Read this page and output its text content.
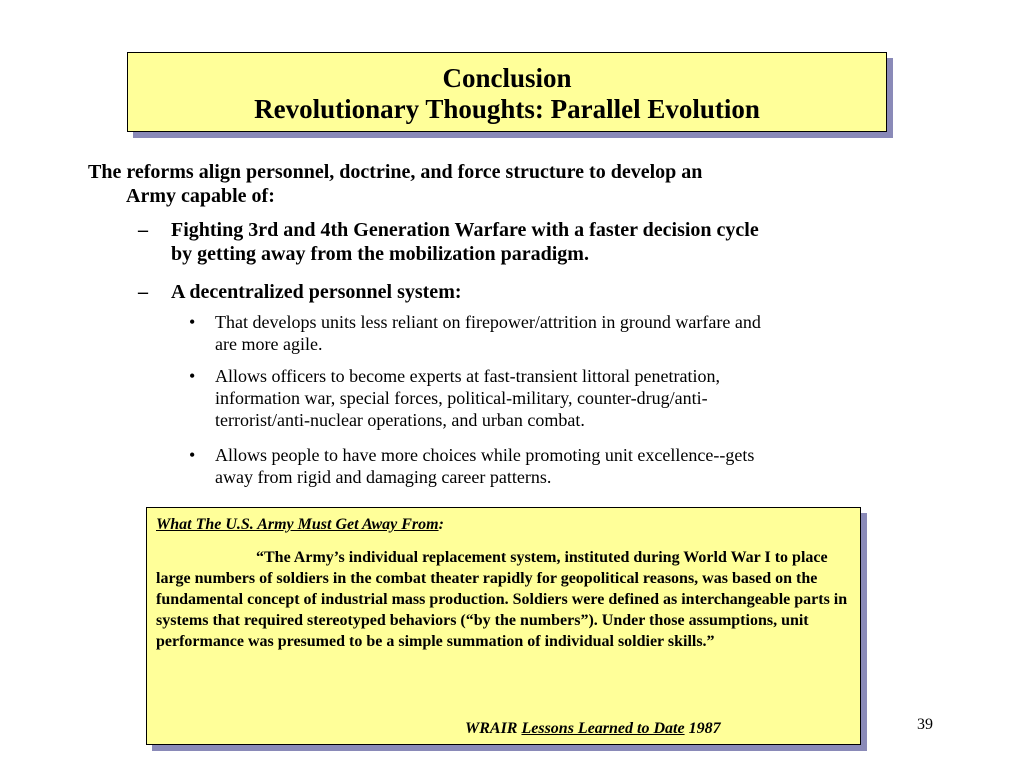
Conclusion
Revolutionary Thoughts: Parallel Evolution
The reforms align personnel, doctrine, and force structure to develop an
Army capable of:
–	Fighting 3rd and 4th Generation Warfare with a faster decision cycle
by getting away from the mobilization paradigm.
–	A decentralized personnel system:
• That develops units less reliant on firepower/attrition in ground warfare and
are more agile.
• Allows officers to become experts at fast-transient littoral penetration,
information war, special forces, political-military, counter-drug/anti-
terrorist/anti-nuclear operations, and urban combat.
• Allows people to have more choices while promoting unit excellence--gets
away from rigid and damaging career patterns.
What The U.S. Army Must Get Away From:
“The Army’s individual replacement system, instituted during World War I to place large numbers of soldiers in the combat theater rapidly for geopolitical reasons, was based on the fundamental concept of industrial mass production. Soldiers were defined as interchangeable parts in systems that required stereotyped behaviors (“by the numbers”). Under those assumptions, unit performance was presumed to be a simple summation of individual soldier skills.”
WRAIR Lessons Learned to Date 1987	39
